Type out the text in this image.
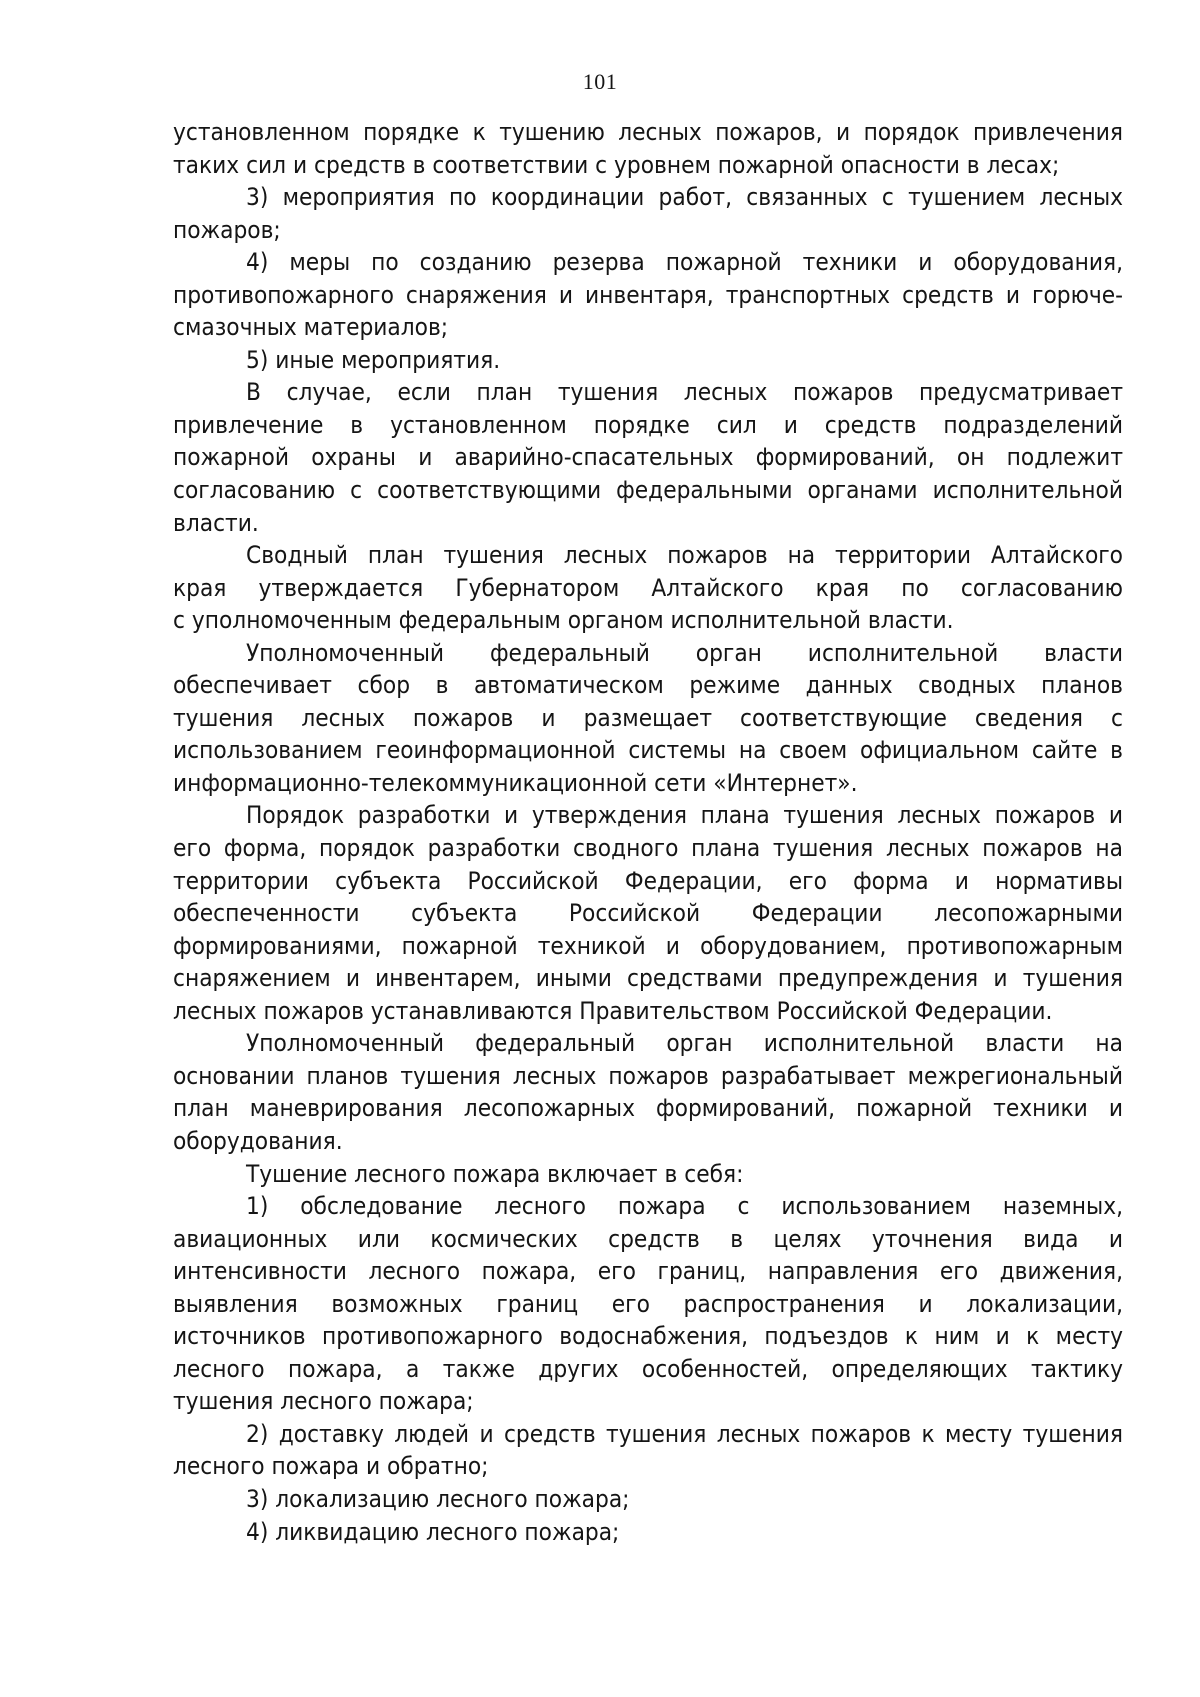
101
установленном порядке к тушению лесных пожаров, и порядок привлечения
таких сил и средств в соответствии с уровнем пожарной опасности в лесах;
3) мероприятия по координации работ, связанных с тушением лесных
пожаров;
4) меры по созданию резерва пожарной техники и оборудования,
противопожарного снаряжения и инвентаря, транспортных средств и горюче-
смазочных материалов;
5) иные мероприятия.
В случае, если план тушения лесных пожаров предусматривает
привлечение в установленном порядке сил и средств подразделений
пожарной охраны и аварийно-спасательных формирований, он подлежит
согласованию с соответствующими федеральными органами исполнительной
власти.
Сводный план тушения лесных пожаров на территории Алтайского
края утверждается Губернатором Алтайского края по согласованию
с уполномоченным федеральным органом исполнительной власти.
Уполномоченный федеральный орган исполнительной власти
обеспечивает сбор в автоматическом режиме данных сводных планов
тушения лесных пожаров и размещает соответствующие сведения с
использованием геоинформационной системы на своем официальном сайте в
информационно-телекоммуникационной сети «Интернет».
Порядок разработки и утверждения плана тушения лесных пожаров и
его форма, порядок разработки сводного плана тушения лесных пожаров на
территории субъекта Российской Федерации, его форма и нормативы
обеспеченности субъекта Российской Федерации лесопожарными
формированиями, пожарной техникой и оборудованием, противопожарным
снаряжением и инвентарем, иными средствами предупреждения и тушения
лесных пожаров устанавливаются Правительством Российской Федерации.
Уполномоченный федеральный орган исполнительной власти на
основании планов тушения лесных пожаров разрабатывает межрегиональный
план маневрирования лесопожарных формирований, пожарной техники и
оборудования.
Тушение лесного пожара включает в себя:
1) обследование лесного пожара с использованием наземных,
авиационных или космических средств в целях уточнения вида и
интенсивности лесного пожара, его границ, направления его движения,
выявления возможных границ его распространения и локализации,
источников противопожарного водоснабжения, подъездов к ним и к месту
лесного пожара, а также других особенностей, определяющих тактику
тушения лесного пожара;
2) доставку людей и средств тушения лесных пожаров к месту тушения
лесного пожара и обратно;
3) локализацию лесного пожара;
4) ликвидацию лесного пожара;
